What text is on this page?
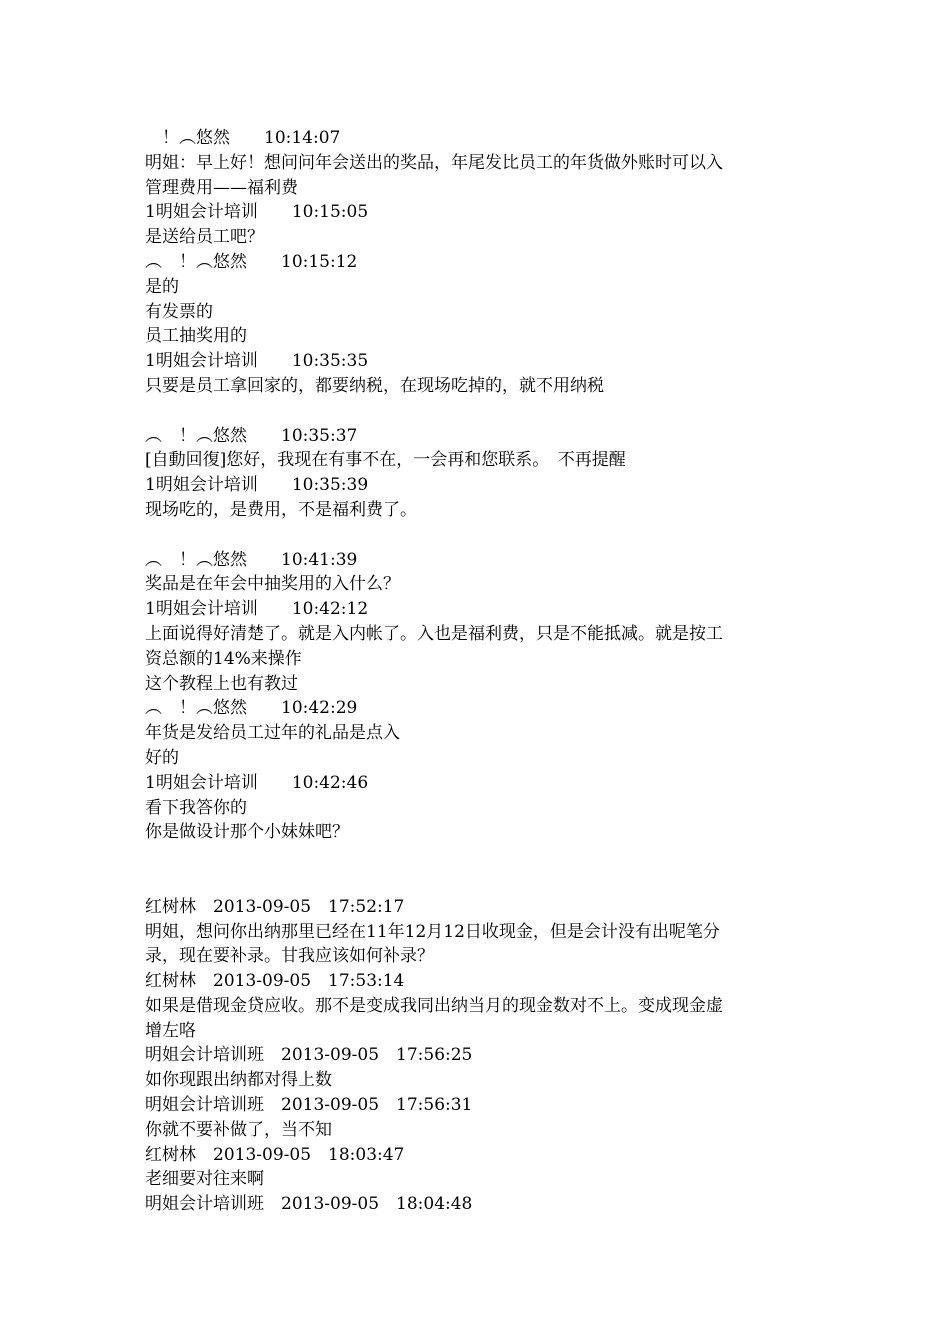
　！︵悠然　　10:14:07
明姐：早上好！想问问年会送出的奖品，年尾发比员工的年货做外账时可以入
管理费用——福利费
1明姐会计培训　　10:15:05
是送给员工吧？
︵　！︵悠然　　10:15:12
是的
有发票的
员工抽奖用的
1明姐会计培训　　10:35:35
只要是员工拿回家的，都要纳税，在现场吃掉的，就不用纳税
︵　！︵悠然　　10:35:37
[自動回復]您好，我现在有事不在，一会再和您联系。　不再提醒
1明姐会计培训　　10:35:39
现场吃的，是费用，不是福利费了。
︵　！︵悠然　　10:41:39
奖品是在年会中抽奖用的入什么？
1明姐会计培训　　10:42:12
上面说得好清楚了。就是入内帐了。入也是福利费，只是不能抵减。就是按工
资总额的14%来操作
这个教程上也有教过
︵　！︵悠然　　10:42:29
年货是发给员工过年的礼品是点入
好的
1明姐会计培训　　10:42:46
看下我答你的
你是做设计那个小妹妹吧？
红树林　2013-09-05　17:52:17
明姐，想问你出纳那里已经在11年12月12日收现金，但是会计没有出呢笔分
录，现在要补录。甘我应该如何补录？
红树林　2013-09-05　17:53:14
如果是借现金贷应收。那不是变成我同出纳当月的现金数对不上。变成现金虚
增左咯
明姐会计培训班　2013-09-05　17:56:25
如你现跟出纳都对得上数
明姐会计培训班　2013-09-05　17:56:31
你就不要补做了，当不知
红树林　2013-09-05　18:03:47
老细要对往来啊
明姐会计培训班　2013-09-05　18:04:48
